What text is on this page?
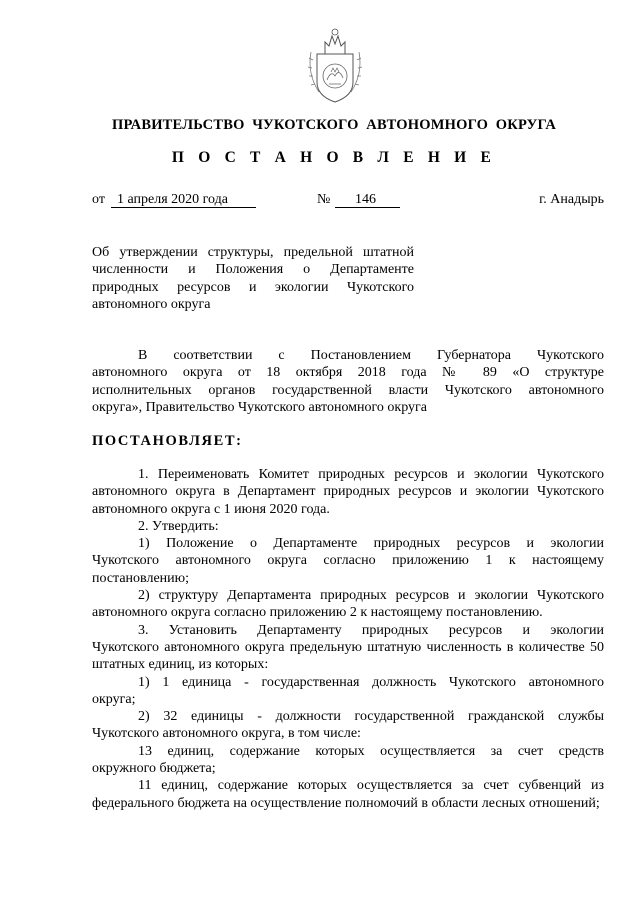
ПРАВИТЕЛЬСТВО  ЧУКОТСКОГО  АВТОНОМНОГО  ОКРУГА
П О С Т А Н О В Л Е Н И Е
от 1 апреля 2020 года	№	146	г. Анадырь
Об утверждении структуры, предельной штатной
численности и Положения о Департаменте
природных ресурсов и экологии Чукотского
автономного округа
В соответствии с Постановлением Губернатора Чукотского
автономного округа от 18 октября 2018 года № 89 «О структуре
исполнительных органов государственной власти Чукотского автономного
округа», Правительство Чукотского автономного округа
ПОСТАНОВЛЯЕТ:
1. Переименовать Комитет природных ресурсов и экологии Чукотского

автономного округа в Департамент природных ресурсов и экологии Чукотского автономного округа с 1 июня 2020 года.

2. Утвердить:
1) Положение о Департаменте природных ресурсов и экологии

Чукотского автономного округа согласно приложению 1 к настоящему постановлению;

2) структуру Департамента природных ресурсов и экологии Чукотского

автономного округа согласно приложению 2 к настоящему постановлению.

3. Установить Департаменту природных ресурсов и экологии

Чукотского автономного округа предельную штатную численность в количестве 50 штатных единиц, из которых:

1) 1 единица - государственная должность Чукотского автономного

округа;

2) 32 единицы - должности государственной гражданской службы

Чукотского автономного округа, в том числе:

13 единиц, содержание которых осуществляется за счет средств

окружного бюджета;

11 единиц, содержание которых осуществляется за счет субвенций из

федерального бюджета на осуществление полномочий в области лесных отношений;
